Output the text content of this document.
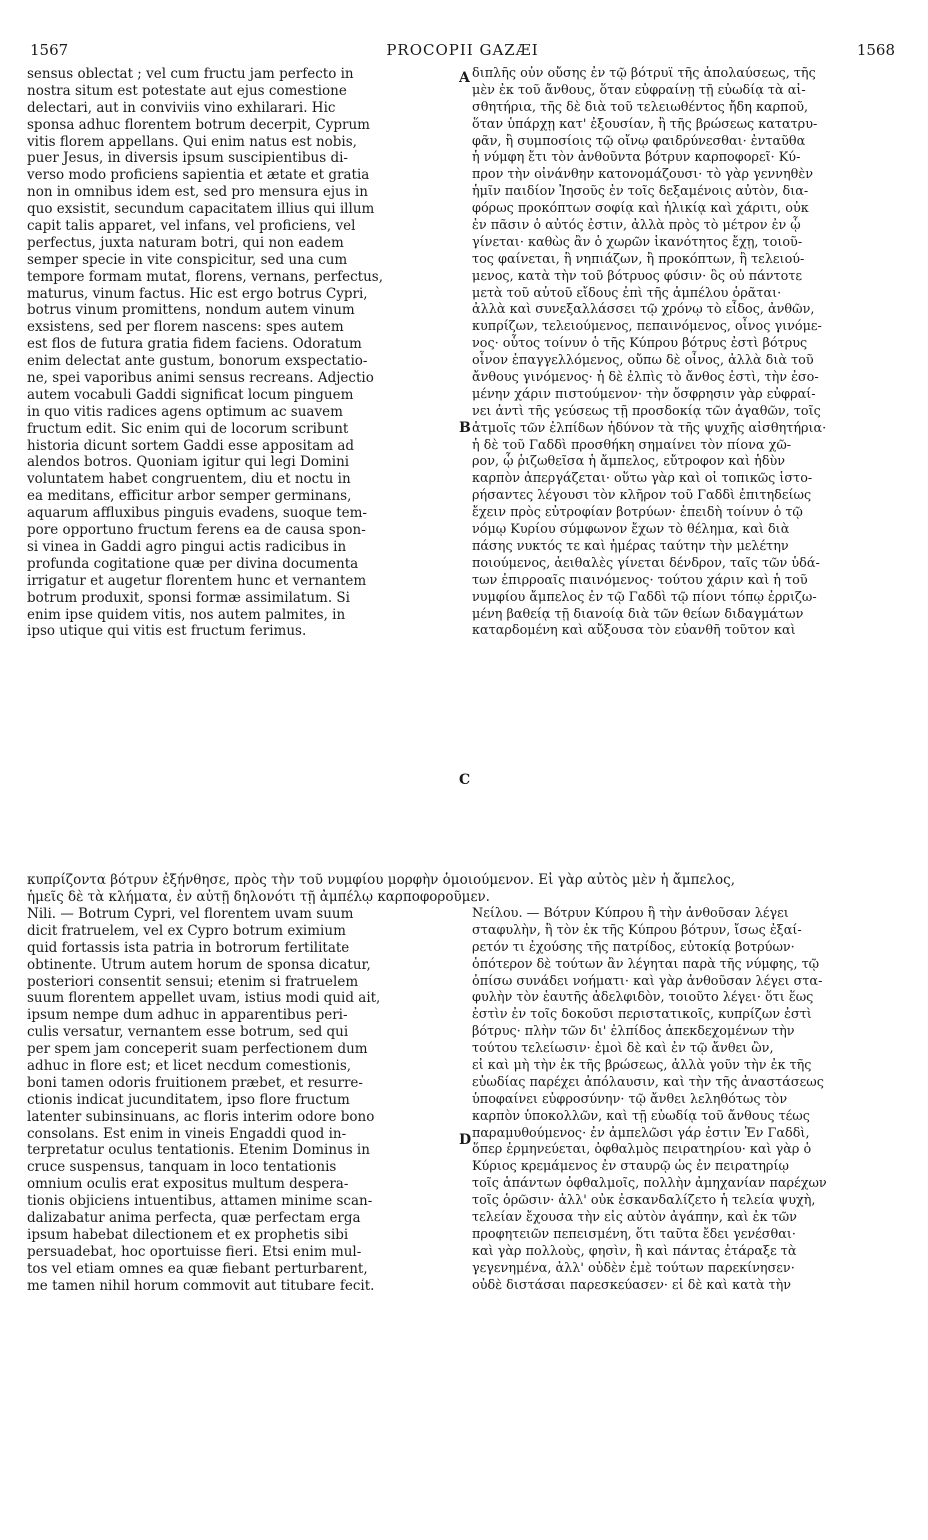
1567	PROCOPII GAZÆI	1568
sensus oblectat ; vel cum fructu jam perfecto in
nostra situm est potestate aut ejus comestione
delectari, aut in conviviis vino exhilarari. Hic
sponsa adhuc florentem botrum decerpit, Cyprum
vitis florem appellans. Qui enim natus est nobis,
puer Jesus, in diversis ipsum suscipientibus di-
verso modo proficiens sapientia et ætate et gratia
non in omnibus idem est, sed pro mensura ejus in
quo exsistit, secundum capacitatem illius qui illum
capit talis apparet, vel infans, vel proficiens, vel
perfectus, juxta naturam botri, qui non eadem
semper specie in vite conspicitur, sed una cum
tempore formam mutat, florens, vernans, perfectus,
maturus, vinum factus. Hic est ergo botrus Cypri,
botrus vinum promittens, nondum autem vinum
exsistens, sed per florem nascens: spes autem
est flos de futura gratia fidem faciens. Odoratum
enim delectat ante gustum, bonorum exspectatio-
ne, spei vaporibus animi sensus recreans. Adjectio
autem vocabuli Gaddi significat locum pinguem
in quo vitis radices agens optimum ac suavem
fructum edit. Sic enim qui de locorum scribunt
historia dicunt sortem Gaddi esse appositam ad
alendos botros. Quoniam igitur qui legi Domini
voluntatem habet congruentem, diu et noctu in
ea meditans, efficitur arbor semper germinans,
aquarum affluxibus pinguis evadens, suoque tem-
pore opportuno fructum ferens ea de causa spon-
si vinea in Gaddi agro pingui actis radicibus in
profunda cogitatione quæ per divina documenta
irrigatur et augetur florentem hunc et vernantem
botrum produxit, sponsi formæ assimilatum. Si
enim ipse quidem vitis, nos autem palmites, in
ipso utique qui vitis est fructum ferimus.
διπλῆς οὖν οὔσης ἐν τῷ βότρυϊ τῆς ἀπολαύσεως, τῆς
μὲν ἐκ τοῦ ἄνθους, ὅταν εὐφραίνῃ τῇ εὐωδίᾳ τὰ αἰ-
σθητήρια, τῆς δὲ διὰ τοῦ τελειωθέντος ἤδη καρποῦ,
ὅταν ὑπάρχῃ κατ' ἐξουσίαν, ἢ τῆς βρώσεως κατατρυ-
φᾶν, ἢ συμποσίοις τῷ οἴνῳ φαιδρύνεσθαι· ἐνταῦθα
ἡ νύμφη ἔτι τὸν ἀνθοῦντα βότρυν καρποφορεῖ· Κύ-
προν τὴν οἰνάνθην κατονομάζουσι· τὸ γὰρ γεννηθὲν
ἡμῖν παιδίον Ἰησοῦς ἐν τοῖς δεξαμένοις αὐτὸν, δια-
φόρως προκόπτων σοφίᾳ καὶ ἡλικίᾳ καὶ χάριτι, οὐκ
ἐν πᾶσιν ὁ αὐτός ἐστιν, ἀλλὰ πρὸς τὸ μέτρον ἐν ᾧ
γίνεται· καθὼς ἂν ὁ χωρῶν ἱκανότητος ἔχῃ, τοιοῦ-
τος φαίνεται, ἢ νηπιάζων, ἢ προκόπτων, ἢ τελειού-
μενος, κατὰ τὴν τοῦ βότρυος φύσιν· ὃς οὐ πάντοτε
μετὰ τοῦ αὐτοῦ εἴδους ἐπὶ τῆς ἀμπέλου ὁρᾶται·
ἀλλὰ καὶ συνεξαλλάσσει τῷ χρόνῳ τὸ εἶδος, ἀνθῶν,
κυπρίζων, τελειούμενος, πεπαινόμενος, οἶνος γινόμε-
νος· οὗτος τοίνυν ὁ τῆς Κύπρου βότρυς ἐστὶ βότρυς
οἶνον ἐπαγγελλόμενος, οὔπω δὲ οἶνος, ἀλλὰ διὰ τοῦ
ἄνθους γινόμενος· ἡ δὲ ἐλπὶς τὸ ἄνθος ἐστὶ, τὴν ἐσο-
μένην χάριν πιστούμενον· τὴν ὄσφρησιν γὰρ εὐφραί-
νει ἀντὶ τῆς γεύσεως τῇ προσδοκίᾳ τῶν ἀγαθῶν, τοῖς
ἀτμοῖς τῶν ἐλπίδων ἡδύνον τὰ τῆς ψυχῆς αἰσθητήρια·
ἡ δὲ τοῦ Γαδδὶ προσθήκη σημαίνει τὸν πίονα χῶ-
ρον, ᾧ ῥιζωθεῖσα ἡ ἄμπελος, εὔτροφον καὶ ἡδὺν
καρπὸν ἀπεργάζεται· οὕτω γὰρ καὶ οἱ τοπικῶς ἱστο-
ρήσαντες λέγουσι τὸν κλῆρον τοῦ Γαδδὶ ἐπιτηδείως
ἔχειν πρὸς εὐτροφίαν βοτρύων· ἐπειδὴ τοίνυν ὁ τῷ
νόμῳ Κυρίου σύμφωνον ἔχων τὸ θέλημα, καὶ διὰ
πάσης νυκτός τε καὶ ἡμέρας ταύτην τὴν μελέτην
ποιούμενος, ἀειθαλὲς γίνεται δένδρον, ταῖς τῶν ὑδά-
των ἐπιρροαῖς πιαινόμενος· τούτου χάριν καὶ ἡ τοῦ
νυμφίου ἄμπελος ἐν τῷ Γαδδὶ τῷ πίονι τόπῳ ἐρριζω-
μένη βαθείᾳ τῇ διανοίᾳ διὰ τῶν θείων διδαγμάτων
καταρδομένη καὶ αὔξουσα τὸν εὐανθῆ τοῦτον καὶ
κυπρίζοντα βότρυν ἐξήνθησε, πρὸς τὴν τοῦ νυμφίου μορφὴν ὁμοιούμενον. Εἰ γὰρ αὐτὸς μὲν ἡ ἄμπελος,
ἡμεῖς δὲ τὰ κλήματα, ἐν αὐτῇ δηλονότι τῇ ἀμπέλῳ καρποφοροῦμεν.
Nili. — Botrum Cypri, vel florentem uvam suum
dicit fratruelem, vel ex Cypro botrum eximium
quid fortassis ista patria in botrorum fertilitate
obtinente. Utrum autem horum de sponsa dicatur,
posteriori consentit sensui; etenim si fratruelem
suum florentem appellet uvam, istius modi quid ait,
ipsum nempe dum adhuc in apparentibus peri-
culis versatur, vernantem esse botrum, sed qui
per spem jam conceperit suam perfectionem dum
adhuc in flore est; et licet necdum comestionis,
boni tamen odoris fruitionem præbet, et resurre-
ctionis indicat jucunditatem, ipso flore fructum
latenter subinsinuans, ac floris interim odore bono
consolans. Est enim in vineis Engaddi quod in-
terpretatur oculus tentationis. Etenim Dominus in
cruce suspensus, tanquam in loco tentationis
omnium oculis erat expositus multum despera-
tionis objiciens intuentibus, attamen minime scan-
dalizabatur anima perfecta, quæ perfectam erga
ipsum habebat dilectionem et ex prophetis sibi
persuadebat, hoc oportuisse fieri. Etsi enim mul-
tos vel etiam omnes ea quæ fiebant perturbarent,
me tamen nihil horum commovit aut titubare fecit.
Νείλου. — Βότρυν Κύπρου ἢ τὴν ἀνθοῦσαν λέγει
σταφυλὴν, ἢ τὸν ἐκ τῆς Κύπρου βότρυν, ἴσως ἐξαί-
ρετόν τι ἐχούσης τῆς πατρίδος, εὐτοκίᾳ βοτρύων·
ὁπότερον δὲ τούτων ἂν λέγηται παρὰ τῆς νύμφης, τῷ
ὀπίσω συνάδει νοήματι· καὶ γὰρ ἀνθοῦσαν λέγει στα-
φυλὴν τὸν ἑαυτῆς ἀδελφιδὸν, τοιοῦτο λέγει· ὅτι ἕως
ἐστὶν ἐν τοῖς δοκοῦσι περιστατικοῖς, κυπρίζων ἐστὶ
βότρυς· πλὴν τῶν δι' ἐλπίδος ἀπεκδεχομένων τὴν
τούτου τελείωσιν· ἐμοὶ δὲ καὶ ἐν τῷ ἄνθει ὢν,
εἰ καὶ μὴ τὴν ἐκ τῆς βρώσεως, ἀλλὰ γοῦν τὴν ἐκ τῆς
εὐωδίας παρέχει ἀπόλαυσιν, καὶ τὴν τῆς ἀναστάσεως
ὑποφαίνει εὐφροσύνην· τῷ ἄνθει λεληθότως τὸν
καρπὸν ὑποκολλῶν, καὶ τῇ εὐωδίᾳ τοῦ ἄνθους τέως
παραμυθούμενος· ἐν ἀμπελῶσι γάρ ἐστιν Ἐν Γαδδὶ,
ὅπερ ἑρμηνεύεται, ὀφθαλμὸς πειρατηρίου· καὶ γὰρ ὁ
Κύριος κρεμάμενος ἐν σταυρῷ ὡς ἐν πειρατηρίῳ
τοῖς ἁπάντων ὀφθαλμοῖς, πολλὴν ἀμηχανίαν παρέχων
τοῖς ὁρῶσιν· ἀλλ' οὐκ ἐσκανδαλίζετο ἡ τελεία ψυχὴ,
τελείαν ἔχουσα τὴν εἰς αὐτὸν ἀγάπην, καὶ ἐκ τῶν
προφητειῶν πεπεισμένη, ὅτι ταῦτα ἔδει γενέσθαι·
καὶ γὰρ πολλοὺς, φησὶν, ἢ καὶ πάντας ἐτάραξε τὰ
γεγενημένα, ἀλλ' οὐδὲν ἐμὲ τούτων παρεκίνησεν·
οὐδὲ διστάσαι παρεσκεύασεν· εἰ δὲ καὶ κατὰ τὴν
A
B
C
D
